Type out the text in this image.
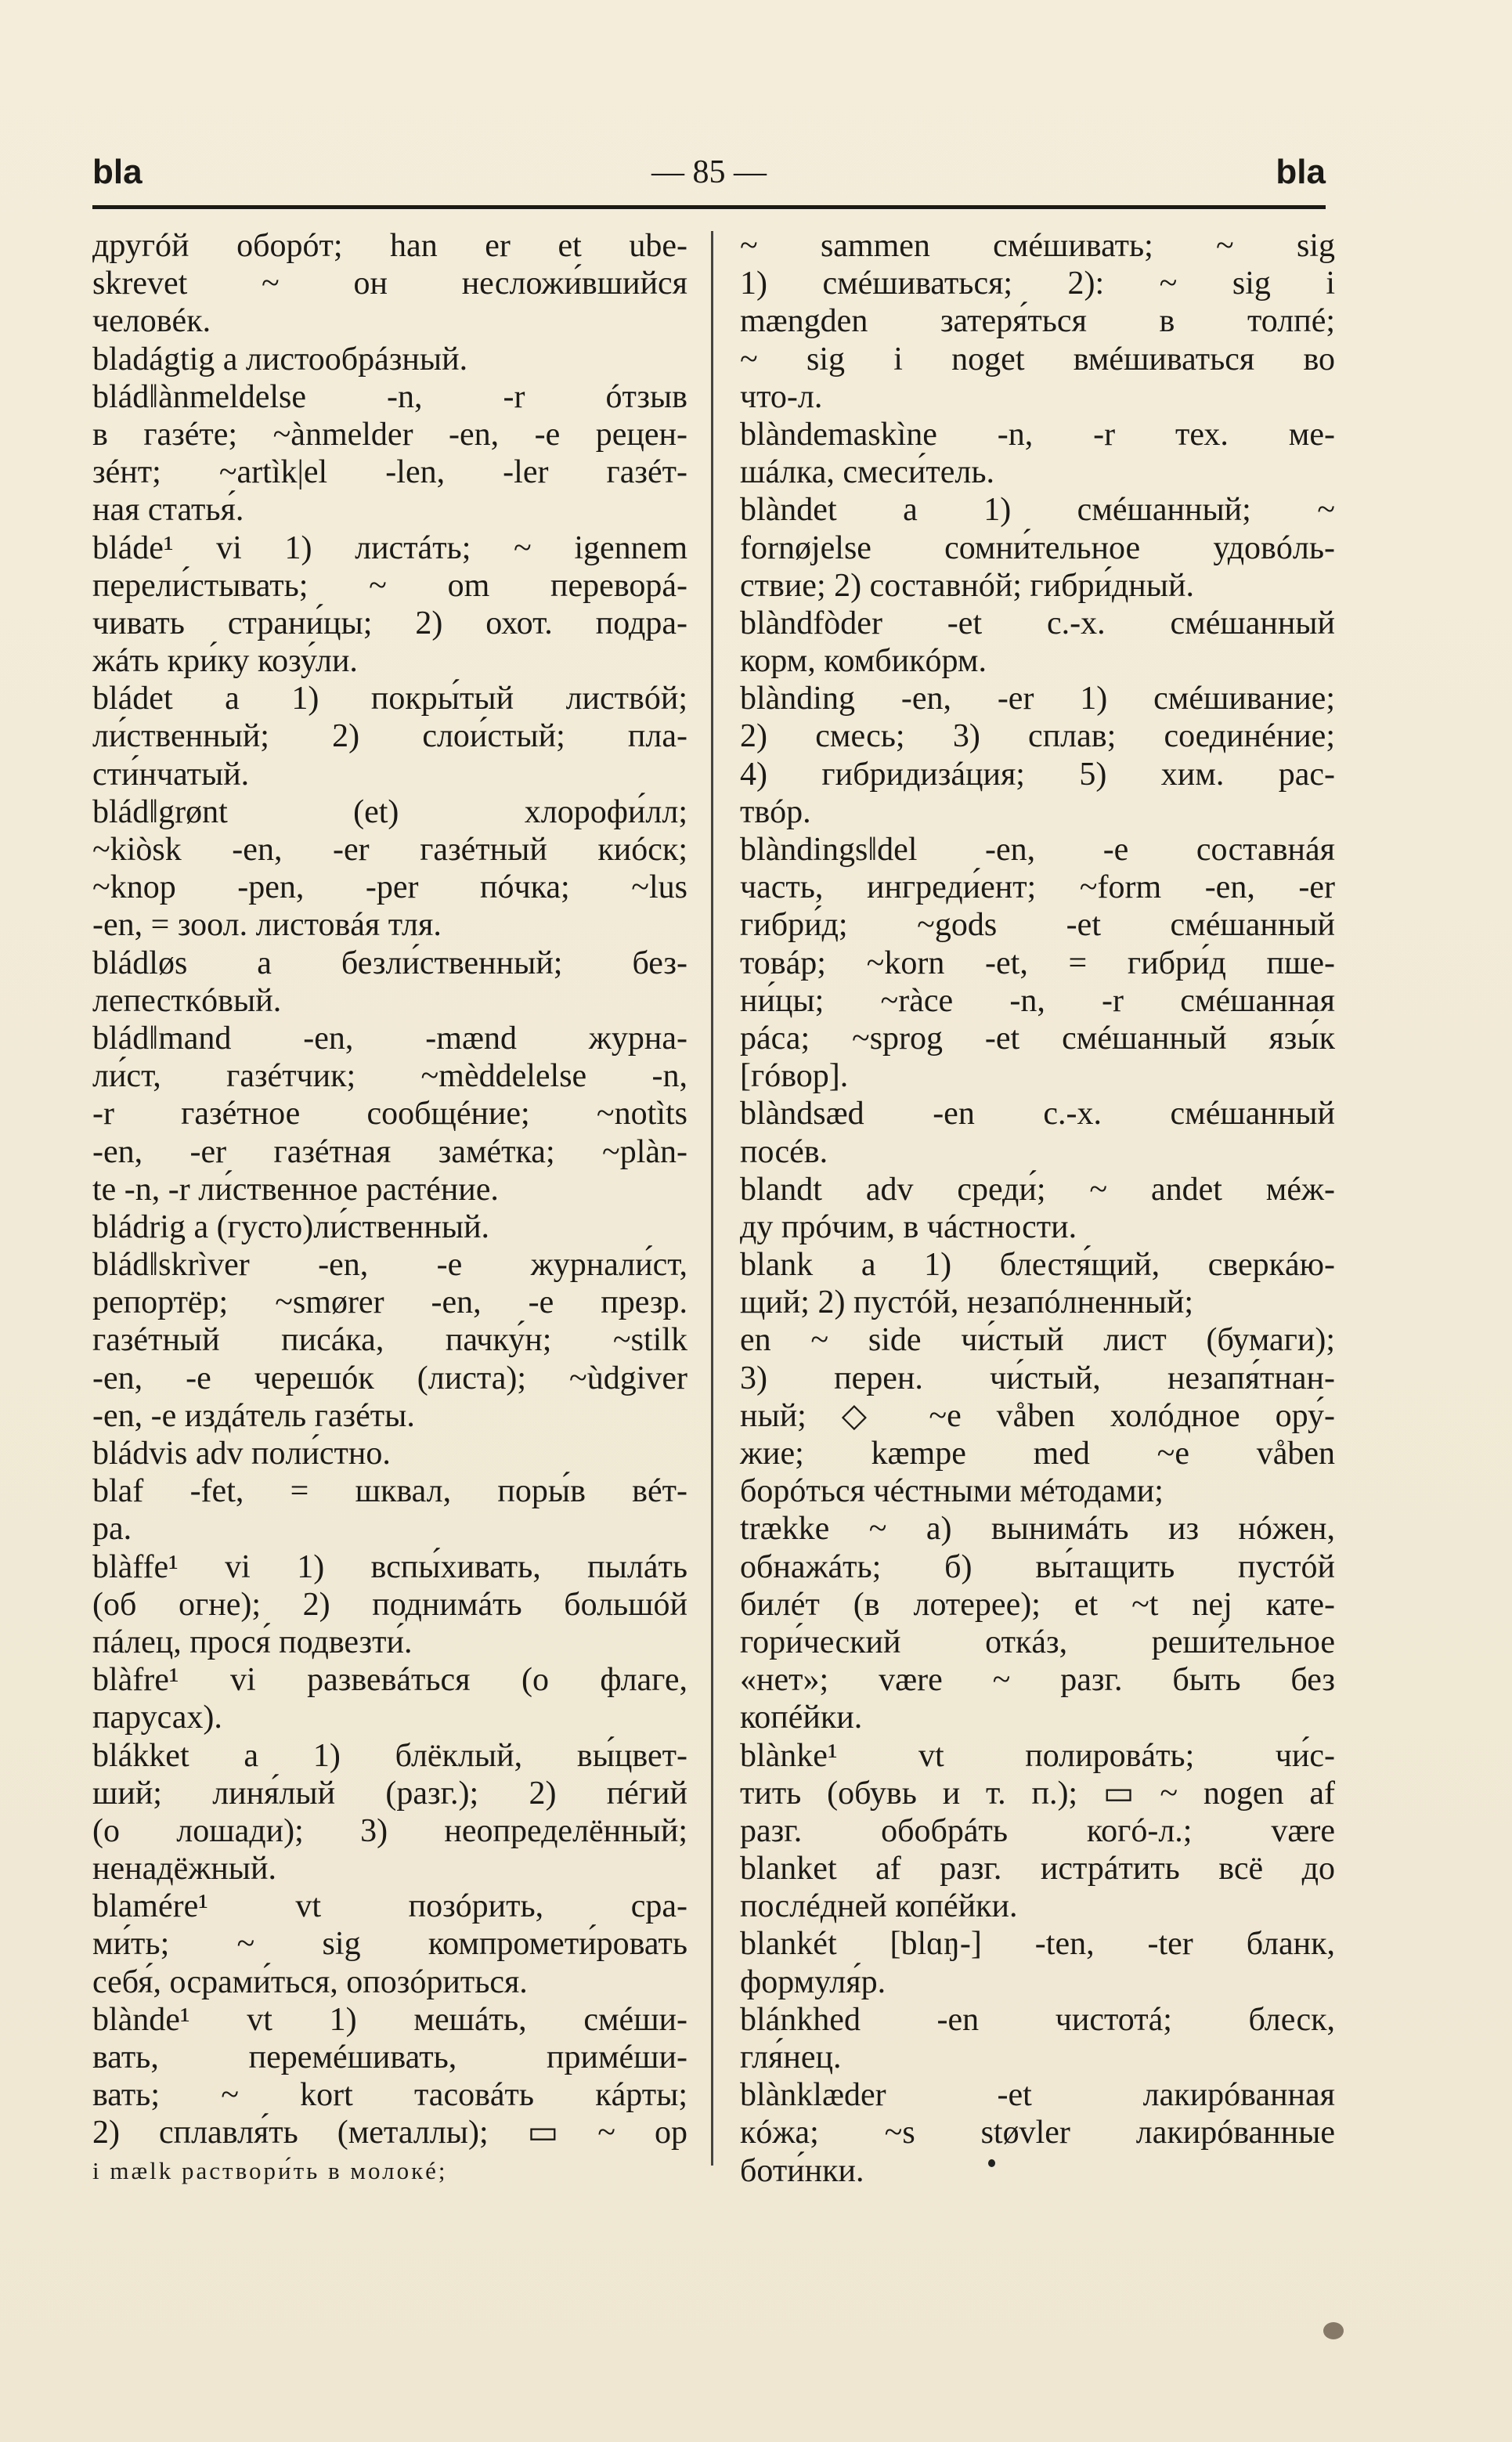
bla	— 85 —	bla
другóй оборóт; han er et ube-
skrevet ~ он несложи́вшийся
человéк.
bladágtig a листообрáзный.
blád‖ànmeldelse -n, -r óтзыв
в газéте; ~ànmelder -en, -e рецен-
зéнт; ~artìk|el -len, -ler газéт-
ная статья́.
bláde¹ vi 1) листáть; ~ igennem
перели́стывать; ~ om переворá-
чивать страни́цы; 2) охот. подра-
жáть кри́ку козу́ли.
bládet a 1) покры́тый листвóй;
ли́ственный; 2) слои́стый; пла-
сти́нчатый.
blád‖grønt (et) хлорофи́лл;
~kiòsk -en, -er газéтный киóск;
~knop -pen, -per пóчка; ~lus
-en, = зоол. листовáя тля.
bládløs a безли́ственный; без-
лепесткóвый.
blád‖mand -en, -mænd журна-
ли́ст, газéтчик; ~mèddelelse -n,
-r газéтное сообщéние; ~notìts
-en, -er газéтная замéтка; ~plàn-
te -n, -r ли́ственное растéние.
bládrig a (густо)ли́ственный.
blád‖skrìver -en, -e журнали́ст,
репортёр; ~smører -en, -e презр.
газéтный писáка, пачку́н; ~stilk
-en, -e черешóк (листа); ~ùdgiver
-en, -e издáтель газéты.
bládvis adv пoли́стно.
blaf -fet, = шквал, поры́в вéт-
ра.
blàffe¹ vi 1) вспы́хивать, пылáть
(об огне); 2) поднимáть большóй
пáлец, прося́ подвезти́.
blàfre¹ vi развевáться (о флаге,
парусах).
blákket a 1) блёклый, вы́цвет-
ший; линя́лый (разг.); 2) пéгий
(о лошади); 3) неопределённый;
ненадёжный.
blamére¹ vt позóрить, сра-
ми́ть; ~ sig компромети́ровать
себя́, осрами́ться, опозóриться.
blànde¹ vt 1) мешáть, смéши-
вать, перемéшивать, примéши-
вать; ~ kort тасовáть кáрты;
2) сплавля́ть (металлы); ▭ ~ op
i mælk раствори́ть в молокé;
~ sammen смéшивать; ~ sig
1) смéшиваться; 2): ~ sig i
mængden затеря́ться в толпé;
~ sig i noget вмéшиваться во
что-л.
blàndemaskìne -n, -r тех. ме-
шáлка, смеси́тель.
blàndet a 1) смéшанный; ~
fornøjelse сомни́тельное удовóль-
ствие; 2) составнóй; гибри́дный.
blàndfòder -et с.-х. смéшанный
корм, комбикóрм.
blànding -en, -er 1) смéшивание;
2) смесь; 3) сплав; соединéние;
4) гибридизáция; 5) хим. рас-
твóр.
blàndings‖del -en, -e составнáя
часть, ингреди́ент; ~form -en, -er
гибри́д; ~gods -et смéшанный
товáр; ~korn -et, = гибри́д пше-
ни́цы; ~ràce -n, -r смéшанная
рáса; ~sprog -et смéшанный язы́к
[гóвор].
blàndsæd -en с.-х. смéшанный
посéв.
blandt adv среди́; ~ andet мéж-
ду прóчим, в чáстности.
blank a 1) блестя́щий, сверкáю-
щий; 2) пустóй, незапóлненный;
en ~ side чи́стый лист (бумаги);
3) перен. чи́стый, незапя́тнан-
ный; ◇ ~e våben холóдное ору́-
жие; kæmpe med ~e våben
борóться чéстными мéтодами;
trække ~ a) вынимáть из нóжен,
обнажáть; б) вы́тащить пустóй
билéт (в лотерее); et ~t nej кате-
гори́ческий откáз, реши́тельное
«нет»; være ~ разг. быть без
копéйки.
blànke¹ vt полировáть; чи́с-
тить (обувь и т. п.); ▭ ~ nogen af
разг. обобрáть когó-л.; være
blanket af разг. истрáтить всё до
послéдней копéйки.
blankét [blɑŋ-] -ten, -ter бланк,
формуля́р.
blánkhed -en чистотá; блеск,
гля́нец.
blànklæder -et лакирóванная
кóжа; ~s støvler лакирóванные
боти́нки.
